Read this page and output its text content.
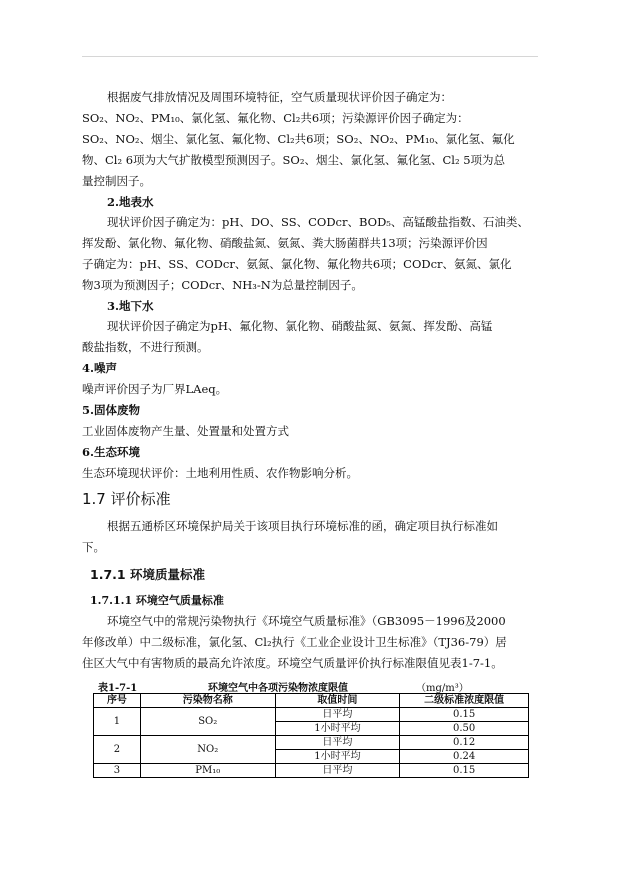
根据废气排放情况及周围环境特征，空气质量现状评价因子确定为：
SO₂、NO₂、PM₁₀、氯化氢、氟化物、Cl₂共6项；污染源评价因子确定为：
SO₂、NO₂、烟尘、氯化氢、氟化物、Cl₂共6项；SO₂、NO₂、PM₁₀、氯化氢、氟化
物、Cl₂ 6项为大气扩散模型预测因子。SO₂、烟尘、氯化氢、氟化氢、Cl₂ 5项为总
量控制因子。
2.地表水
现状评价因子确定为：pH、DO、SS、CODcr、BOD₅、高锰酸盐指数、石油类、
挥发酚、氯化物、氟化物、硝酸盐氮、氨氮、粪大肠菌群共13项；污染源评价因
子确定为：pH、SS、CODcr、氨氮、氯化物、氟化物共6项；CODcr、氨氮、氯化
物3项为预测因子；CODcr、NH₃-N为总量控制因子。
3.地下水
现状评价因子确定为pH、氟化物、氯化物、硝酸盐氮、氨氮、挥发酚、高锰
酸盐指数，不进行预测。
4.噪声
噪声评价因子为厂界LAeq。
5.固体废物
工业固体废物产生量、处置量和处置方式
6.生态环境
生态环境现状评价：土地利用性质、农作物影响分析。
1.7 评价标准
根据五通桥区环境保护局关于该项目执行环境标准的函，确定项目执行标准如
下。
1.7.1 环境质量标准
1.7.1.1 环境空气质量标准
环境空气中的常规污染物执行《环境空气质量标准》（GB3095－1996及2000
年修改单）中二级标准，氯化氢、Cl₂执行《工业企业设计卫生标准》（TJ36-79）居
住区大气中有害物质的最高允许浓度。环境空气质量评价执行标准限值见表1-7-1。
表1-7-1	环境空气中各项污染物浓度限值	（mg/m³）
序号	污染物名称	取值时间	二级标准浓度限值
1	SO₂	日平均	0.15
		1小时平均	0.50
2	NO₂	日平均	0.12
		1小时平均	0.24
3	PM₁₀	日平均	0.15
